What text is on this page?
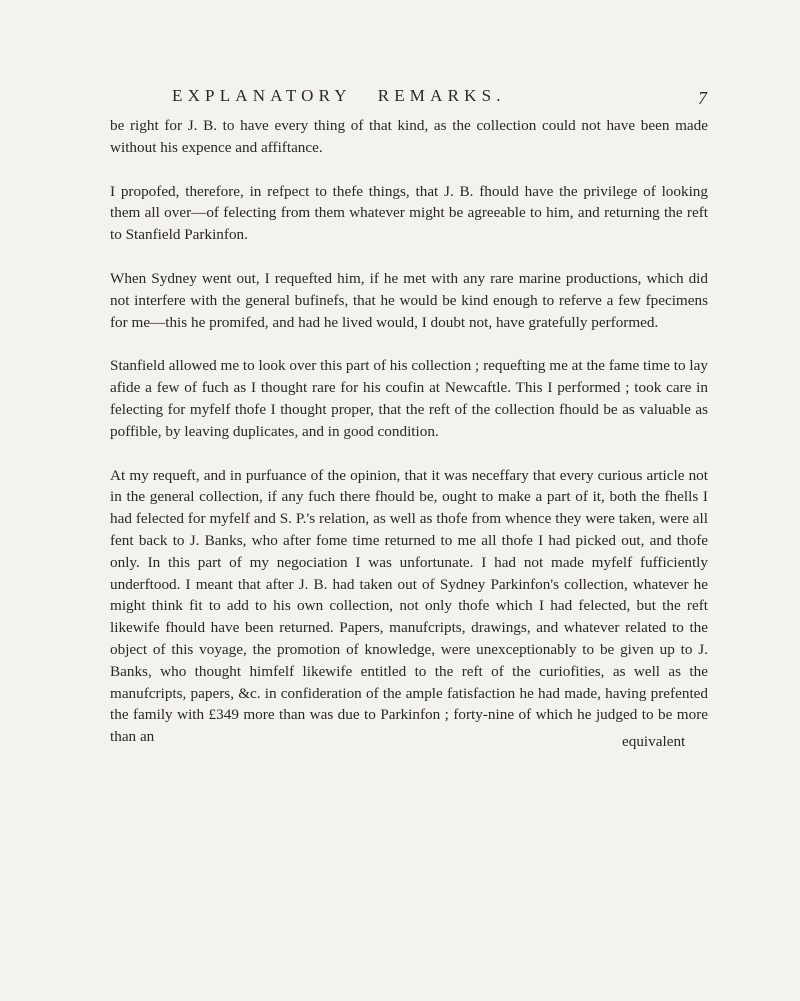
EXPLANATORY REMARKS.	7

be right for J. B. to have every thing of that kind, as the collection could not have been made without his expence and affiftance.

I propofed, therefore, in refpect to thefe things, that J. B. fhould have the privilege of looking them all over—of felecting from them whatever might be agreeable to him, and returning the reft to Stanfield Parkinfon.

When Sydney went out, I requefted him, if he met with any rare marine productions, which did not interfere with the general bufinefs, that he would be kind enough to referve a few fpecimens for me—this he promifed, and had he lived would, I doubt not, have gratefully performed.

Stanfield allowed me to look over this part of his collection ; requefting me at the fame time to lay afide a few of fuch as I thought rare for his coufin at Newcaftle. This I performed ; took care in felecting for myfelf thofe I thought proper, that the reft of the collection fhould be as valuable as poffible, by leaving duplicates, and in good condition.

At my requeft, and in purfuance of the opinion, that it was neceffary that every curious article not in the general collection, if any fuch there fhould be, ought to make a part of it, both the fhells I had felected for myfelf and S. P.'s relation, as well as thofe from whence they were taken, were all fent back to J. Banks, who after fome time returned to me all thofe I had picked out, and thofe only. In this part of my negociation I was unfortunate. I had not made myfelf fufficiently underftood. I meant that after J. B. had taken out of Sydney Parkinfon's collection, whatever he might think fit to add to his own collection, not only thofe which I had felected, but the reft likewife fhould have been returned. Papers, manufcripts, drawings, and whatever related to the object of this voyage, the promotion of knowledge, were unexceptionably to be given up to J. Banks, who thought himfelf likewife entitled to the reft of the curiofities, as well as the manufcripts, papers, &c. in confideration of the ample fatisfaction he had made, having prefented the family with £349 more than was due to Parkinfon ; forty-nine of which he judged to be more than an	equivalent
